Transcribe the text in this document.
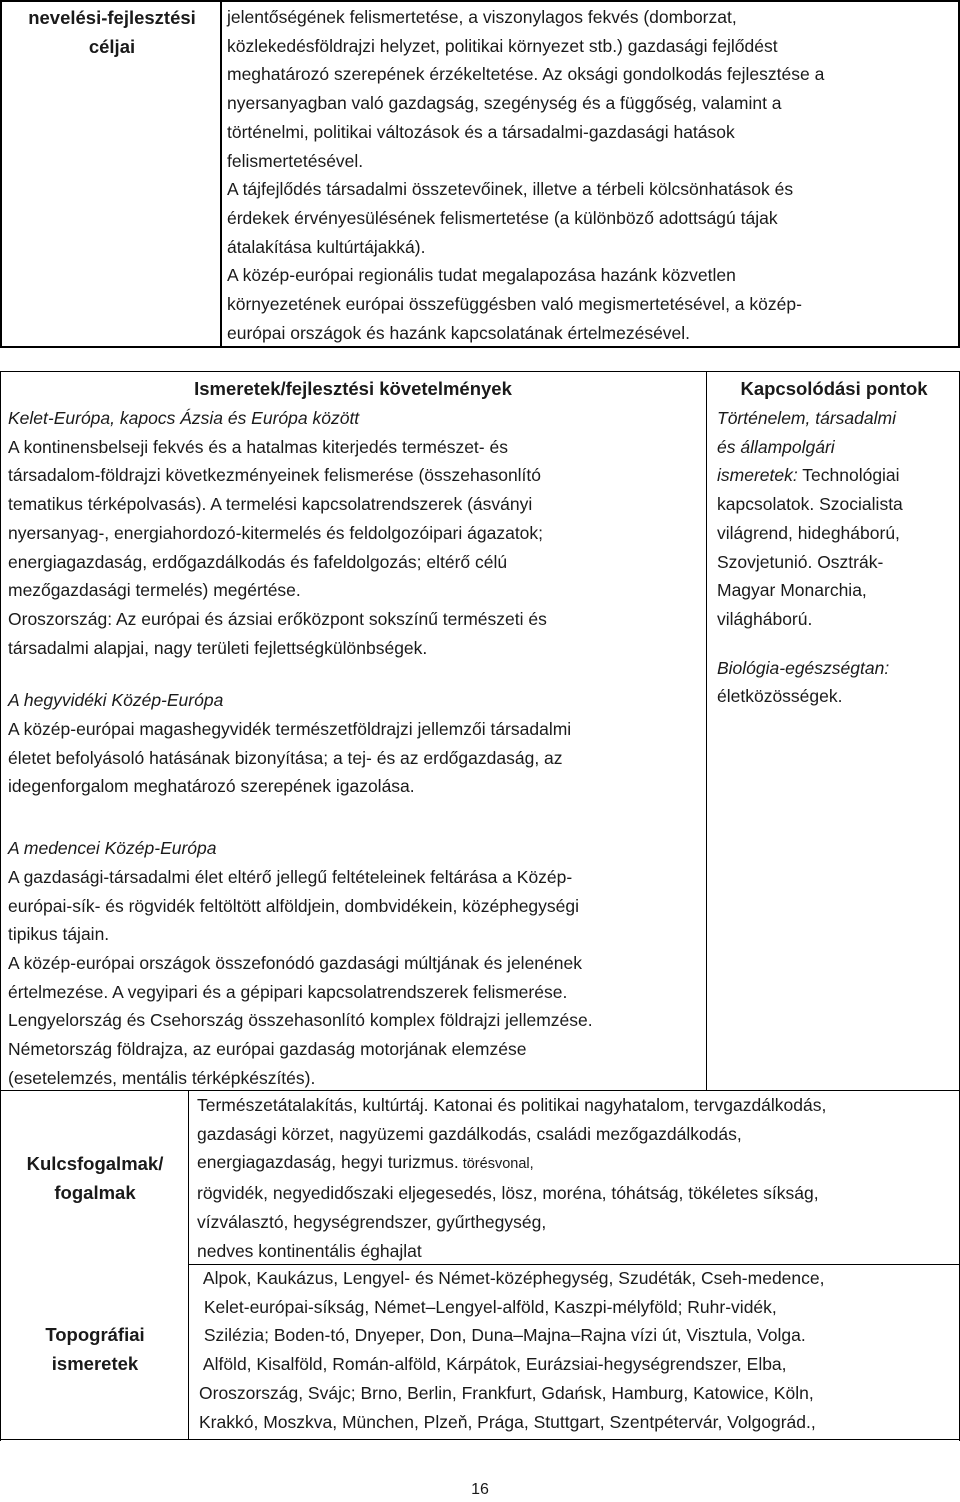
nevelési-fejlesztési
céljai
jelentőségének felismertetése, a viszonylagos fekvés (domborzat,
közlekedésföldrajzi helyzet, politikai környezet stb.) gazdasági fejlődést
meghatározó szerepének érzékeltetése. Az oksági gondolkodás fejlesztése a
nyersanyagban való gazdagság, szegénység és a függőség, valamint a
történelmi, politikai változások és a társadalmi-gazdasági hatások
felismertetésével.
A tájfejlődés társadalmi összetevőinek, illetve a térbeli kölcsönhatások és
érdekek érvényesülésének felismertetése (a különböző adottságú tájak
átalakítása kultúrtájakká).
A közép-európai regionális tudat megalapozása hazánk közvetlen
környezetének európai összefüggésben való megismertetésével, a közép-
európai országok és hazánk kapcsolatának értelmezésével.
Ismeretek/fejlesztési követelmények	Kapcsolódási pontok
Kelet-Európa, kapocs Ázsia és Európa között
A kontinensbelseji fekvés és a hatalmas kiterjedés természet- és
társadalom-földrajzi következményeinek felismerése (összehasonlító
tematikus térképolvasás). A termelési kapcsolatrendszerek (ásványi
nyersanyag-, energiahordozó-kitermelés és feldolgozóipari ágazatok;
energiagazdaság, erdőgazdálkodás és fafeldolgozás; eltérő célú
mezőgazdasági termelés) megértése.
Oroszország: Az európai és ázsiai erőközpont sokszínű természeti és
társadalmi alapjai, nagy területi fejlettségkülönbségek.
A hegyvidéki Közép-Európa
A közép-európai magashegyvidék természetföldrajzi jellemzői társadalmi
életet befolyásoló hatásának bizonyítása; a tej- és az erdőgazdaság, az
idegenforgalom meghatározó szerepének igazolása.
A medencei Közép-Európa
A gazdasági-társadalmi élet eltérő jellegű feltételeinek feltárása a Közép-
európai-sík- és rögvidék feltöltött alföldjein, dombvidékein, középhegységi
tipikus tájain.
A közép-európai országok összefonódó gazdasági múltjának és jelenének
értelmezése. A vegyipari és a gépipari kapcsolatrendszerek felismerése.
Lengyelország és Csehország összehasonlító komplex földrajzi jellemzése.
Németország földrajza, az európai gazdaság motorjának elemzése
(esetelemzés, mentális térképkészítés).
Történelem, társadalmi
és állampolgári
ismeretek: Technológiai
kapcsolatok. Szocialista
világrend, hidegháború,
Szovjetunió. Osztrák-
Magyar Monarchia,
világháború.
Biológia-egészségtan:
életközösségek.
Kulcsfogalmak/
fogalmak
Természetátalakítás, kultúrtáj. Katonai és politikai nagyhatalom, tervgazdálkodás,
gazdasági körzet, nagyüzemi gazdálkodás, családi mezőgazdálkodás,
energiagazdaság, hegyi turizmus. törésvonal,
rögvidék, negyedidőszaki eljegesedés, lösz, moréna, tóhátság, tökéletes síkság,
vízválasztó, hegységrendszer, gyűrthegység,
nedves kontinentális éghajlat
Topográfiai
ismeretek
Alpok, Kaukázus, Lengyel- és Német-középhegység, Szudéták, Cseh-medence,
Kelet-európai-síkság, Német–Lengyel-alföld, Kaszpi-mélyföld; Ruhr-vidék,
Szilézia; Boden-tó, Dnyeper, Don, Duna–Majna–Rajna vízi út, Visztula, Volga.
Alföld, Kisalföld, Román-alföld, Kárpátok, Eurázsiai-hegységrendszer, Elba,
Oroszország, Svájc; Brno, Berlin, Frankfurt, Gdańsk, Hamburg, Katowice, Köln,
Krakkó, Moszkva, München, Plzeň, Prága, Stuttgart, Szentpétervár, Volgográd.,
16
